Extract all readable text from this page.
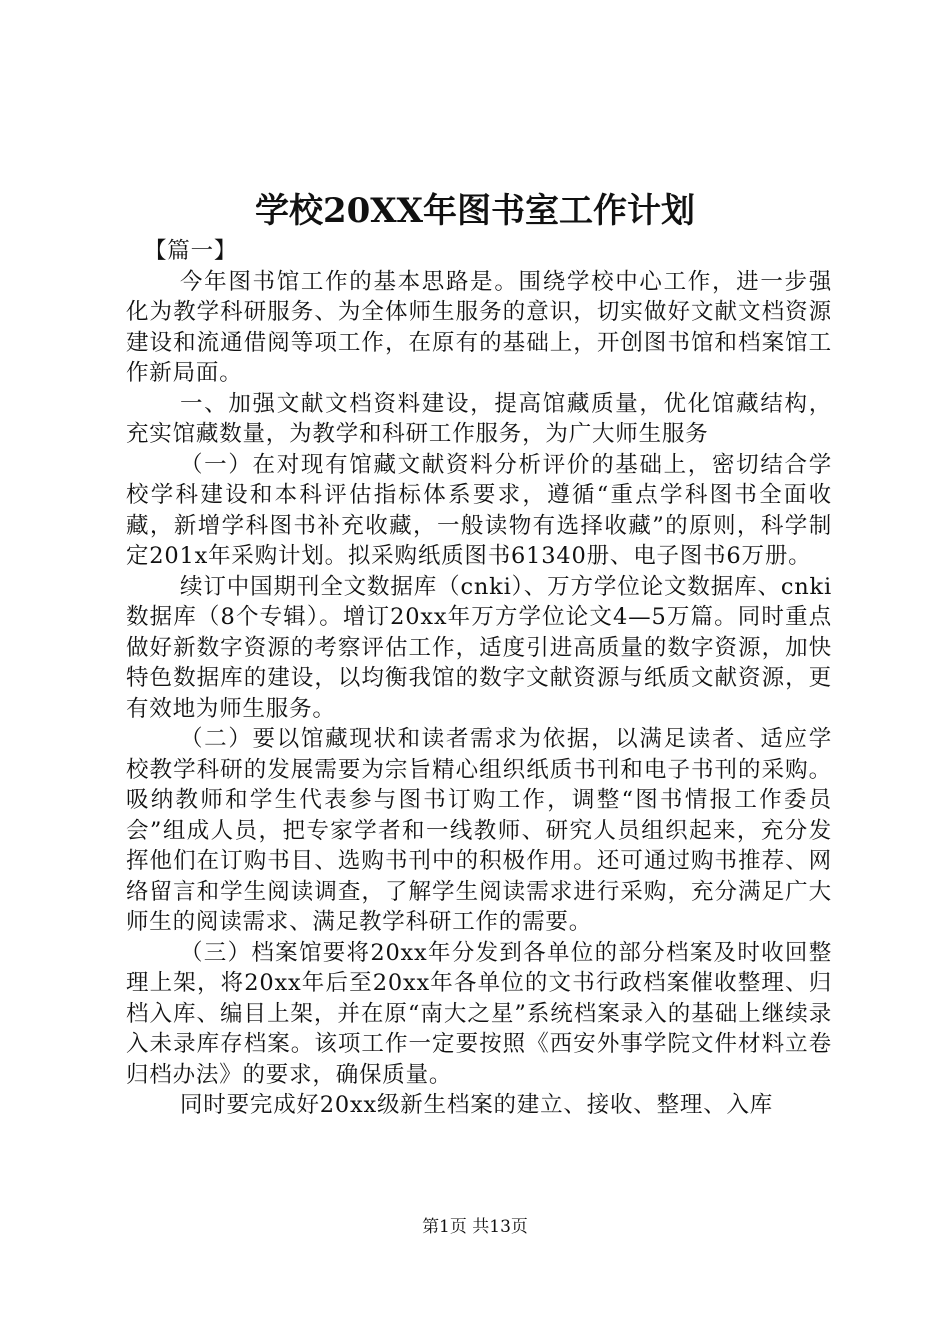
学校20XX年图书室工作计划

【篇一】

今年图书馆工作的基本思路是。围绕学校中心工作，进一步强化为教学科研服务、为全体师生服务的意识，切实做好文献文档资源建设和流通借阅等项工作，在原有的基础上，开创图书馆和档案馆工作新局面。

一、加强文献文档资料建设，提高馆藏质量，优化馆藏结构，充实馆藏数量，为教学和科研工作服务，为广大师生服务

（一）在对现有馆藏文献资料分析评价的基础上，密切结合学校学科建设和本科评估指标体系要求，遵循“重点学科图书全面收藏，新增学科图书补充收藏，一般读物有选择收藏”的原则，科学制定201x年采购计划。拟采购纸质图书61340册、电子图书6万册。

续订中国期刊全文数据库（cnki）、万方学位论文数据库、cnki数据库（8个专辑）。增订20xx年万方学位论文4—5万篇。同时重点做好新数字资源的考察评估工作，适度引进高质量的数字资源，加快特色数据库的建设，以均衡我馆的数字文献资源与纸质文献资源，更有效地为师生服务。

（二）要以馆藏现状和读者需求为依据，以满足读者、适应学校教学科研的发展需要为宗旨精心组织纸质书刊和电子书刊的采购。吸纳教师和学生代表参与图书订购工作，调整“图书情报工作委员会”组成人员，把专家学者和一线教师、研究人员组织起来，充分发挥他们在订购书目、选购书刊中的积极作用。还可通过购书推荐、网络留言和学生阅读调查，了解学生阅读需求进行采购，充分满足广大师生的阅读需求、满足教学科研工作的需要。

（三）档案馆要将20xx年分发到各单位的部分档案及时收回整理上架，将20xx年后至20xx年各单位的文书行政档案催收整理、归档入库、编目上架，并在原“南大之星”系统档案录入的基础上继续录入未录库存档案。该项工作一定要按照《西安外事学院文件材料立卷归档办法》的要求，确保质量。

同时要完成好20xx级新生档案的建立、接收、整理、入库

第1页 共13页
